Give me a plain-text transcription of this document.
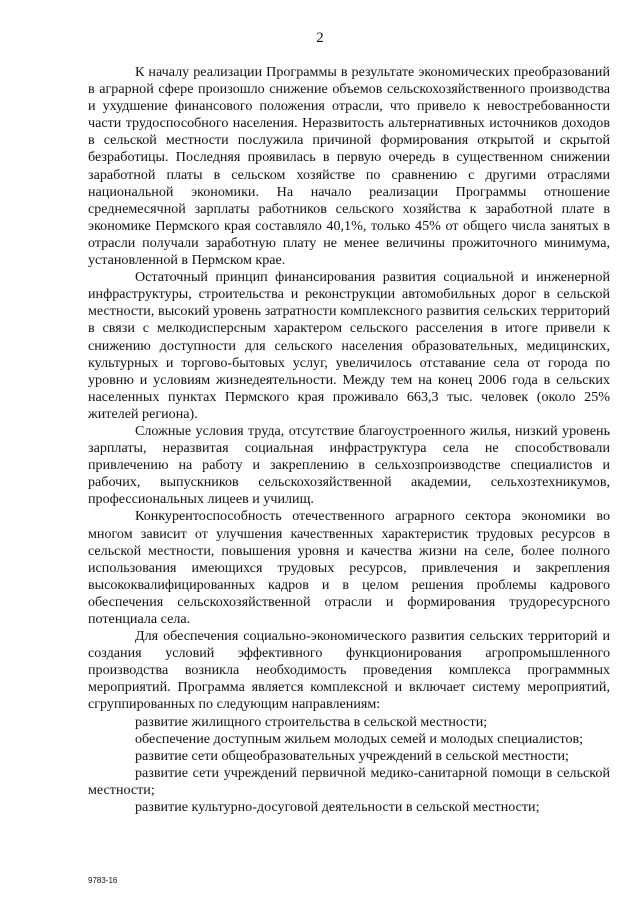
2

К началу реализации Программы в результате экономических преобразований в аграрной сфере произошло снижение объемов сельскохозяйственного производства и ухудшение финансового положения отрасли, что привело к невостребованности части трудоспособного населения. Неразвитость альтернативных источников доходов в сельской местности послужила причиной формирования открытой и скрытой безработицы. Последняя проявилась в первую очередь в существенном снижении заработной платы в сельском хозяйстве по сравнению с другими отраслями национальной экономики. На начало реализации Программы отношение среднемесячной зарплаты работников сельского хозяйства к заработной плате в экономике Пермского края составляло 40,1%, только 45% от общего числа занятых в отрасли получали заработную плату не менее величины прожиточного минимума, установленной в Пермском крае.

Остаточный принцип финансирования развития социальной и инженерной инфраструктуры, строительства и реконструкции автомобильных дорог в сельской местности, высокий уровень затратности комплексного развития сельских территорий в связи с мелкодисперсным характером сельского расселения в итоге привели к снижению доступности для сельского населения образовательных, медицинских, культурных и торгово-бытовых услуг, увеличилось отставание села от города по уровню и условиям жизнедеятельности. Между тем на конец 2006 года в сельских населенных пунктах Пермского края проживало 663,3 тыс. человек (около 25% жителей региона).

Сложные условия труда, отсутствие благоустроенного жилья, низкий уровень зарплаты, неразвитая социальная инфраструктура села не способствовали привлечению на работу и закреплению в сельхозпроизводстве специалистов и рабочих, выпускников сельскохозяйственной академии, сельхозтехникумов, профессиональных лицеев и училищ.

Конкурентоспособность отечественного аграрного сектора экономики во многом зависит от улучшения качественных характеристик трудовых ресурсов в сельской местности, повышения уровня и качества жизни на селе, более полного использования имеющихся трудовых ресурсов, привлечения и закрепления высококвалифицированных кадров и в целом решения проблемы кадрового обеспечения сельскохозяйственной отрасли и формирования трудоресурсного потенциала села.

Для обеспечения социально-экономического развития сельских территорий и создания условий эффективного функционирования агропромышленного производства возникла необходимость проведения комплекса программных мероприятий. Программа является комплексной и включает систему мероприятий, сгруппированных по следующим направлениям:

развитие жилищного строительства в сельской местности;

обеспечение доступным жильем молодых семей и молодых специалистов;

развитие сети общеобразовательных учреждений в сельской местности;

развитие сети учреждений первичной медико-санитарной помощи в сельской местности;

развитие культурно-досуговой деятельности в сельской местности;

9783-16
